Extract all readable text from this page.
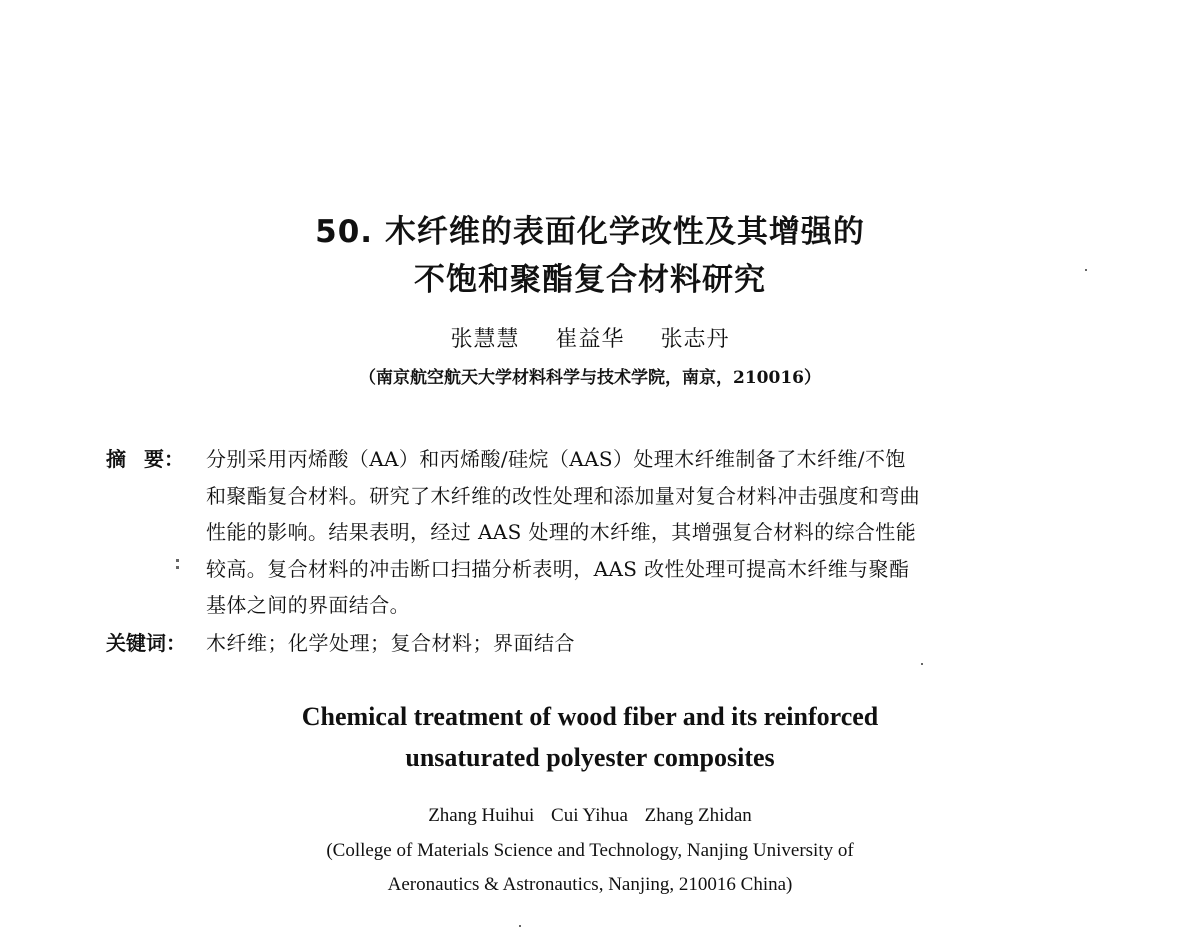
50. 木纤维的表面化学改性及其增强的
不饱和聚酯复合材料研究
张慧慧 崔益华 张志丹
（南京航空航天大学材料科学与技术学院，南京，210016）
摘 要： 分别采用丙烯酸（AA）和丙烯酸/硅烷（AAS）处理木纤维制备了木纤维/不饱
和聚酯复合材料。研究了木纤维的改性处理和添加量对复合材料冲击强度和弯曲
性能的影响。结果表明，经过 AAS 处理的木纤维，其增强复合材料的综合性能
较高。复合材料的冲击断口扫描分析表明，AAS 改性处理可提高木纤维与聚酯
基体之间的界面结合。
关键词： 木纤维；化学处理；复合材料；界面结合
Chemical treatment of wood fiber and its reinforced
unsaturated polyester composites
Zhang Huihui Cui Yihua Zhang Zhidan
(College of Materials Science and Technology, Nanjing University of
Aeronautics & Astronautics, Nanjing, 210016 China)
